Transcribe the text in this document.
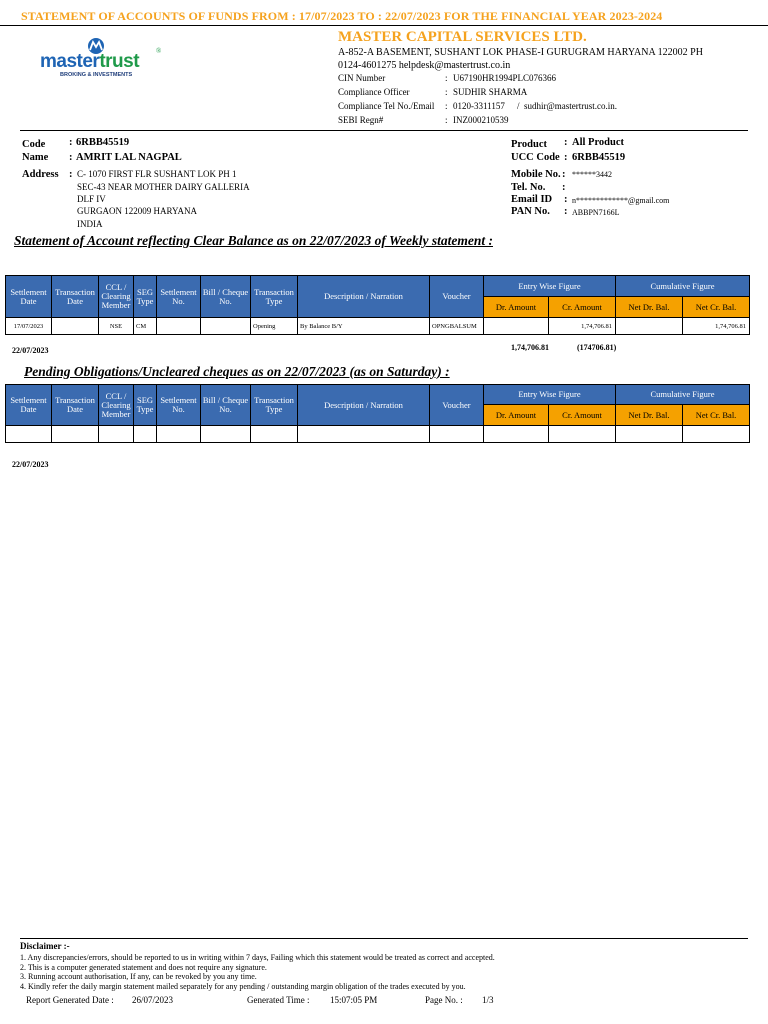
STATEMENT OF ACCOUNTS OF FUNDS FROM : 17/07/2023 TO : 22/07/2023 FOR THE FINANCIAL YEAR 2023-2024
mastertrust ®
BROKING & INVESTMENTS
MASTER CAPITAL SERVICES LTD.
A-852-A BASEMENT, SUSHANT LOK PHASE-I GURUGRAM HARYANA 122002 PH
0124-4601275 helpdesk@mastertrust.co.in
CIN Number	: U67190HR1994PLC076366
Compliance Officer	: SUDHIR SHARMA
Compliance Tel No./Email : 0120-3311157 / sudhir@mastertrust.co.in.
SEBI Regn#	: INZ000210539
Code : 6RBB45519
Name : AMRIT LAL NAGPAL
Address : C- 1070 FIRST FLR SUSHANT LOK PH 1
SEC-43 NEAR MOTHER DAIRY GALLERIA
DLF IV
GURGAON 122009 HARYANA
INDIA
Product : All Product
UCC Code : 6RBB45519
Mobile No. : ******3442
Tel. No. :
Email ID : n*************@gmail.com
PAN No. : ABBPN7166L
Statement of Account reflecting Clear Balance as on 22/07/2023 of Weekly statement :
Settlement Date	Transaction Date	CCL / Clearing Member	SEG Type	Settlement No.	Bill / Cheque No.	Transaction Type	Description / Narration	Voucher	Entry Wise Figure		Cumulative Figure	
									Dr. Amount	Cr. Amount	Net Dr. Bal.	Net Cr. Bal.
17/07/2023		NSE	CM			Opening	By Balance B/Y	OPNGBALSUM		1,74,706.81		1,74,706.81
22/07/2023	1,74,706.81	(174706.81)
Pending Obligations/Uncleared cheques as on 22/07/2023 (as on Saturday) :
Settlement Date	Transaction Date	CCL / Clearing Member	SEG Type	Settlement No.	Bill / Cheque No.	Transaction Type	Description / Narration	Voucher	Entry Wise Figure		Cumulative Figure	
									Dr. Amount	Cr. Amount	Net Dr. Bal.	Net Cr. Bal.

22/07/2023
Disclaimer :-
1. Any discrepancies/errors, should be reported to us in writing within 7 days, Failing which this statement would be treated as correct and accepted.
2. This is a computer generated statement and does not require any signature.
3. Running account authorisation, If any, can be revoked by you any time.
4. Kindly refer the daily margin statement mailed separately for any pending / outstanding margin obligation of the trades executed by you.
Report Generated Date : 26/07/2023	Generated Time : 15:07:05 PM	Page No. : 1/3
